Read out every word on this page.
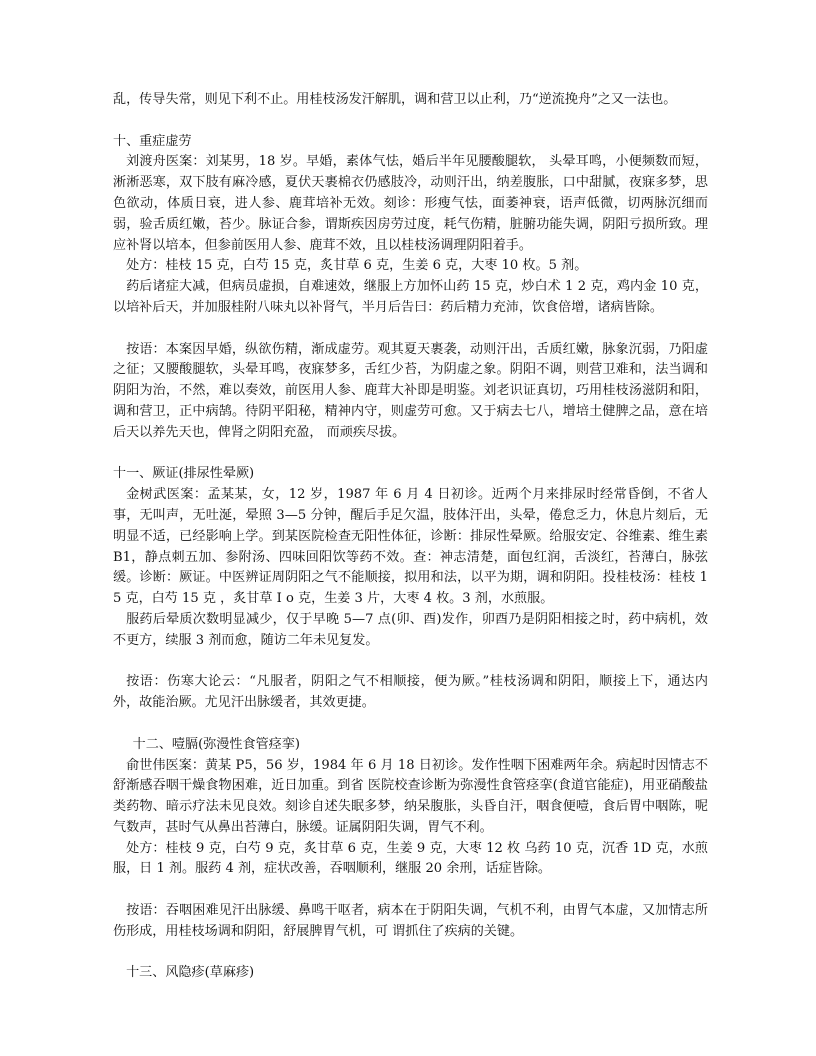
乱，传导失常，则见下利不止。用桂枝汤发汗解肌，调和营卫以止利，乃“逆流挽舟”之又一法也。
十、重症虚劳
刘渡舟医案：刘某男，18 岁。早婚，素体气怯，婚后半年见腰酸腿软， 头晕耳鸣，小便频数而短，淅淅恶寒，双下肢有麻冷感，夏伏天裹棉衣仍感肢冷，动则汗出，纳差腹胀，口中甜腻，夜寐多梦，思色欲动，体质日衰，进人参、鹿茸培补无效。刻诊：形瘦气怯，面萎神衰，语声低微，切两脉沉细而弱，验舌质红嫩，苔少。脉证合参，谓斯疾因房劳过度，耗气伤精，脏腑功能失调，阴阳亏损所致。理应补肾以培本，但参前医用人参、鹿茸不效，且以桂枝汤调理阴阳着手。
处方：桂枝 15 克，白芍 15 克，炙甘草 6 克，生姜 6 克，大枣 10 枚。5 剂。
药后诸症大减，但病员虚损，自难速效，继服上方加怀山药 15 克，炒白术 1 2 克，鸡内金 10 克，以培补后天，并加服桂附八味丸以补肾气，半月后告曰：药后精力充沛，饮食倍增，诸病皆除。
按语：本案因早婚，纵欲伤精，渐成虚劳。观其夏天裹袭，动则汗出，舌质红嫩，脉象沉弱，乃阳虚之征；又腰酸腿软，头晕耳鸣，夜寐梦多，舌红少苔，为阴虚之象。阴阳不调，则营卫难和，法当调和阴阳为治，不然，难以奏效，前医用人参、鹿茸大补即是明鉴。刘老识证真切，巧用桂枝汤滋阴和阳，调和营卫，正中病鹄。待阴平阳秘，精神内守，则虚劳可愈。又于病去七八，增培土健脾之品，意在培后天以养先天也，俾肾之阴阳充盈， 而顽疾尽拔。
十一、厥证(排尿性晕厥)
金树武医案：孟某某，女，12 岁，1987 年 6 月 4 日初诊。近两个月来排尿时经常昏倒，不省人事，无叫声，无吐涎，晕照 3—5 分钟，醒后手足欠温，肢体汗出，头晕，倦怠乏力，休息片刻后，无明显不适，已经影响上学。到某医院检查无阳性体征，诊断：排尿性晕厥。给服安定、谷维素、维生素 B1，静点刺五加、参附汤、四味回阳饮等药不效。查：神志清楚，面包红润，舌淡红，苔薄白，脉弦缓。诊断：厥证。中医辨证周阴阳之气不能顺接，拟用和法，以平为期，调和阴阳。投桂枝汤：桂枝 15 克，白芍 15 克 ，炙甘草 I o 克，生姜 3 片，大枣 4 枚。3 剂，水煎服。
服药后晕质次数明显减少，仅于早晚 5—7 点(卯、酉)发作，卯酉乃是阴阳相接之时，药中病机，效不更方，续服 3 剂而愈，随访二年未见复发。
按语：伤寒大论云：“凡服者，阴阳之气不相顺接，便为厥。”桂枝汤调和阴阳，顺接上下，通达内外，故能治厥。尤见汗出脉缓者，其效更捷。
十二、噎膈(弥漫性食管痉挛)
俞世伟医案：黄某 P5，56 岁，1984 年 6 月 18 日初诊。发作性咽下困难两年余。病起时因情志不舒渐感吞咽干燥食物困难，近日加重。到省 医院校查诊断为弥漫性食管痉挛(食道官能症)，用亚硝酸盐类药物、暗示疗法未见良效。刻诊自述失眠多梦，纳呆腹胀，头昏自汗，咽食便噎，食后胃中咽陈，呢气数声，甚时气从鼻出苔薄白，脉缓。证属阴阳失调，胃气不利。
处方：桂枝 9 克，白芍 9 克，炙甘草 6 克，生姜 9 克，大枣 12 枚 乌药 10 克，沉香 1D 克，水煎服，日 1 剂。服药 4 剂，症状改善，吞咽顺利，继服 20 余刑，话症皆除。
按语：吞咽困难见汗出脉缓、鼻鸣干呕者，病本在于阴阳失调，气机不利，由胃气本虚，又加情志所伤形成，用桂枝场调和阴阳，舒展脾胃气机，可 谓抓住了疾病的关键。
十三、风隐疹(草麻疹)
